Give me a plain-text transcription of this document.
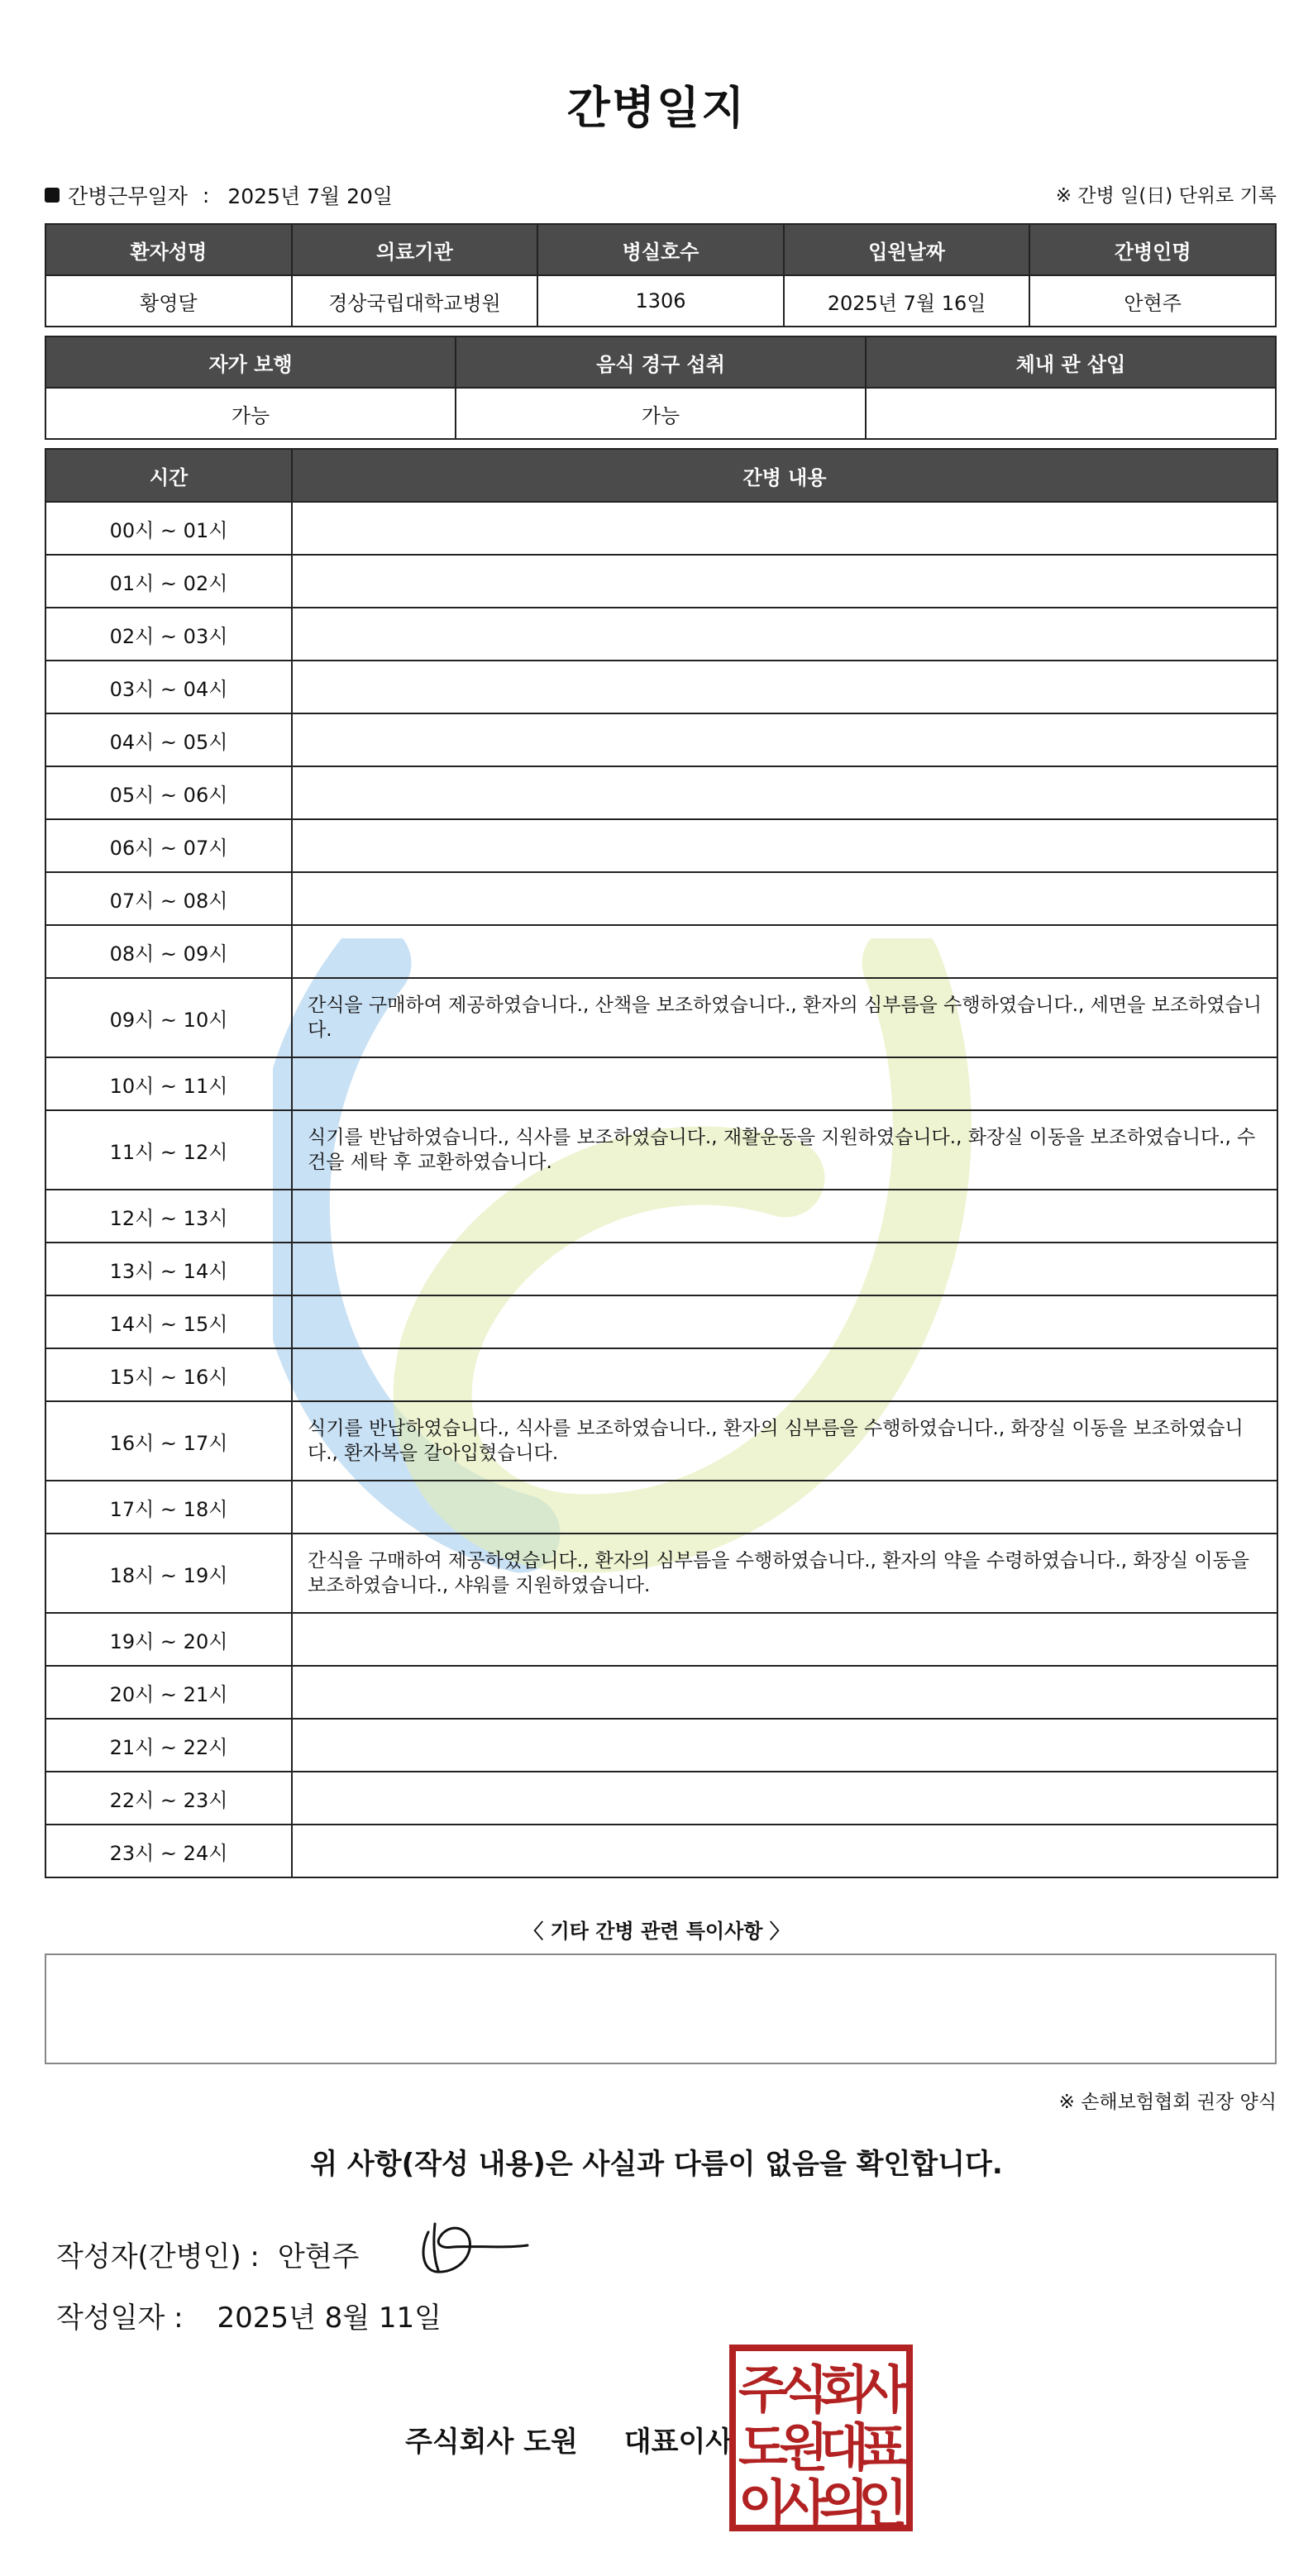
간병일지
간병근무일자 : 2025년 7월 20일	※ 간병 일(日) 단위로 기록
환자성명	의료기관	병실호수	입원날짜	간병인명
황영달	경상국립대학교병원	1306	2025년 7월 16일	안현주
자가 보행	음식 경구 섭취	체내 관 삽입
가능	가능	
시간	간병 내용
00시 ~ 01시	
01시 ~ 02시	
02시 ~ 03시	
03시 ~ 04시	
04시 ~ 05시	
05시 ~ 06시	
06시 ~ 07시	
07시 ~ 08시	
08시 ~ 09시	
09시 ~ 10시	간식을 구매하여 제공하였습니다., 산책을 보조하였습니다., 환자의 심부름을 수행하였습니다., 세면을 보조하였습니다.
10시 ~ 11시	
11시 ~ 12시	식기를 반납하였습니다., 식사를 보조하였습니다., 재활운동을 지원하였습니다., 화장실 이동을 보조하였습니다., 수건을 세탁 후 교환하였습니다.
12시 ~ 13시	
13시 ~ 14시	
14시 ~ 15시	
15시 ~ 16시	
16시 ~ 17시	식기를 반납하였습니다., 식사를 보조하였습니다., 환자의 심부름을 수행하였습니다., 화장실 이동을 보조하였습니다., 환자복을 갈아입혔습니다.
17시 ~ 18시	
18시 ~ 19시	간식을 구매하여 제공하였습니다., 환자의 심부름을 수행하였습니다., 환자의 약을 수령하였습니다., 화장실 이동을 보조하였습니다., 샤워를 지원하였습니다.
19시 ~ 20시	
20시 ~ 21시	
21시 ~ 22시	
22시 ~ 23시	
23시 ~ 24시	
〈 기타 간병 관련 특이사항 〉
※ 손해보험협회 권장 양식
위 사항(작성 내용)은 사실과 다름이 없음을 확인합니다.
작성자(간병인) : 안현주
작성일자 : 2025년 8월 11일
주식회사 도원 대표이사
주
식
회
사
도
원
대
표
이
사
의
인
